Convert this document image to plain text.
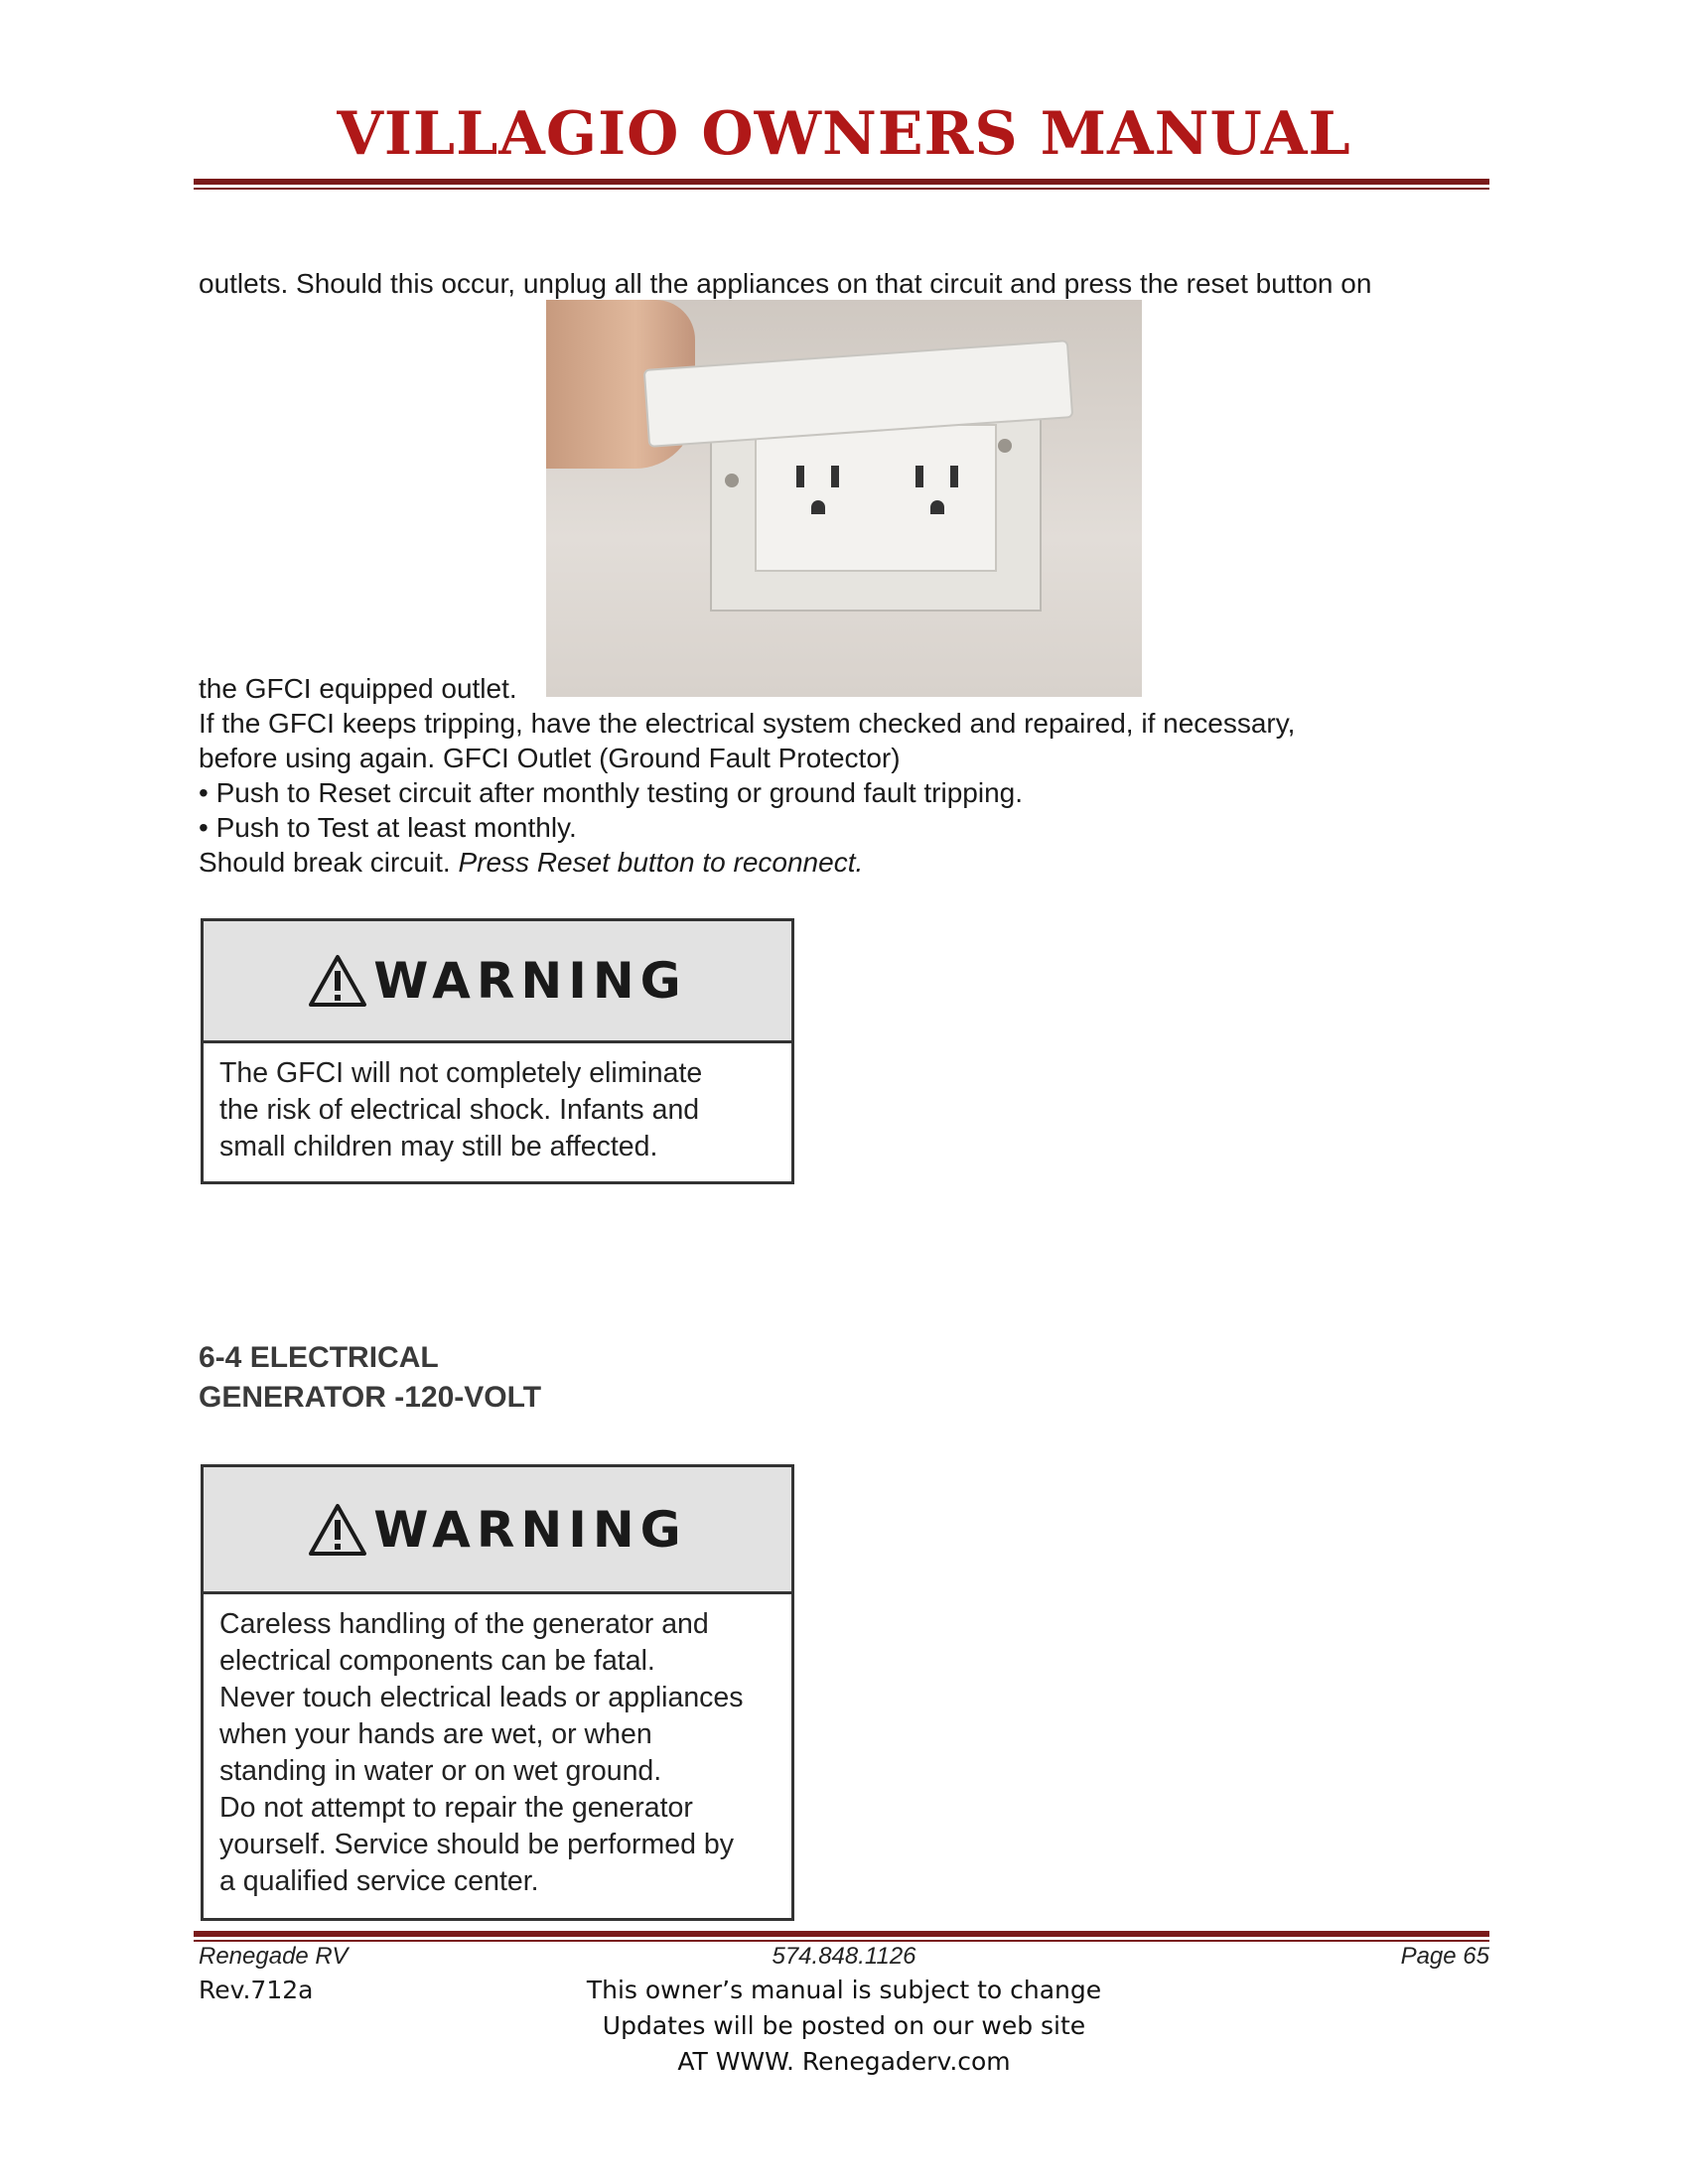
VILLAGIO OWNERS MANUAL
outlets. Should this occur, unplug all the appliances on that circuit and press the reset button on
the GFCI equipped outlet.
If the GFCI keeps tripping, have the electrical system checked and repaired, if necessary,
before using again. GFCI Outlet (Ground Fault Protector)
• Push to Reset circuit after monthly testing or ground fault tripping.
• Push to Test at least monthly.
Should break circuit. Press Reset button to reconnect.
WARNING
The GFCI will not completely eliminate
the risk of electrical shock. Infants and
small children may still be affected.
6-4 ELECTRICAL
GENERATOR -120-VOLT
WARNING
Careless handling of the generator and
electrical components can be fatal.
Never touch electrical leads or appliances
when your hands are wet, or when
standing in water or on wet ground.
Do not attempt to repair the generator
yourself. Service should be performed by
a qualified service center.
Renegade RV	574.848.1126	Page 65
Rev.712a	This owner’s manual is subject to change
Updates will be posted on our web site
AT WWW. Renegaderv.com
